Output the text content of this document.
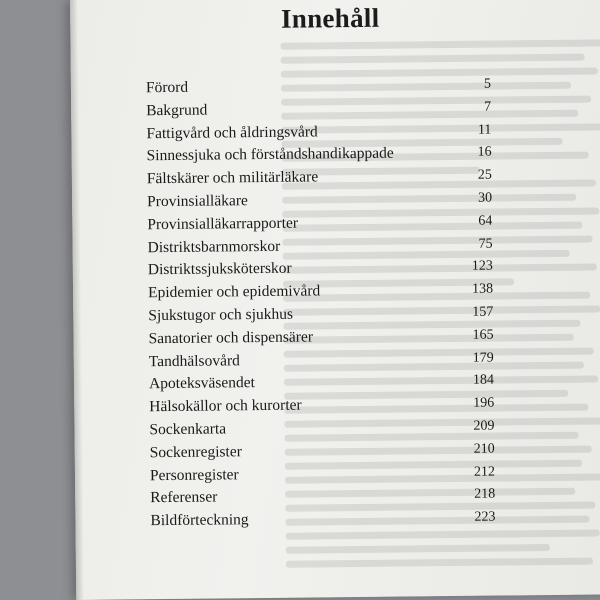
Innehåll
Förord	5
Bakgrund	7
Fattigvård och åldringsvård	11
Sinnessjuka och förståndshandikappade	16
Fältskärer och militärläkare	25
Provinsialläkare	30
Provinsialläkarrapporter	64
Distriktsbarnmorskor	75
Distriktssjuksköterskor	123
Epidemier och epidemivård	138
Sjukstugor och sjukhus	157
Sanatorier och dispensärer	165
Tandhälsovård	179
Apoteksväsendet	184
Hälsokällor och kurorter	196
Sockenkarta	209
Sockenregister	210
Personregister	212
Referenser	218
Bildförteckning	223
